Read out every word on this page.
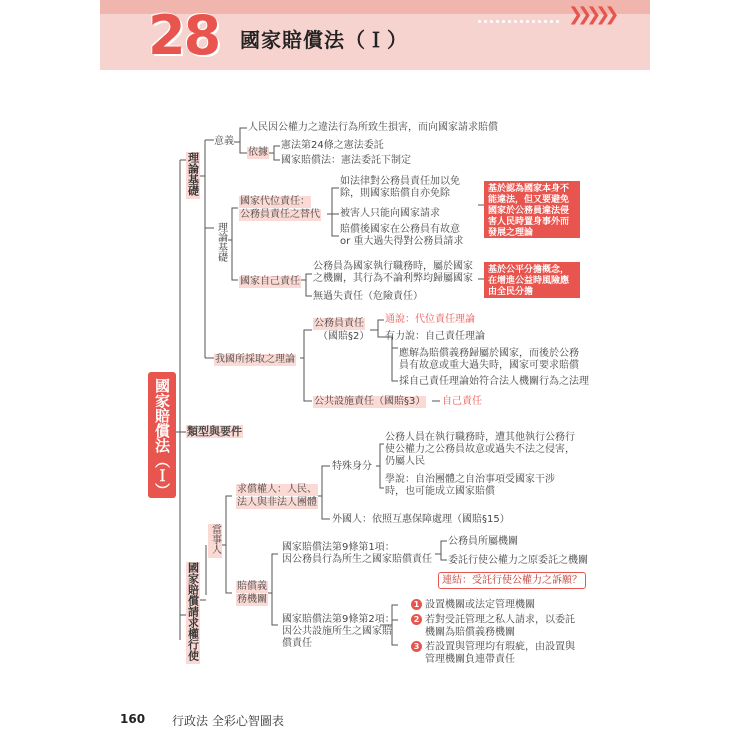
❯❯❯❯❯
28 國家賠償法（Ｉ）
國家賠償法（Ｉ）
理論基礎
意義
人民因公權力之違法行為所致生損害，而向國家請求賠償
依據
憲法第24條之憲法委託
國家賠償法：憲法委託下制定
理論基礎
國家代位責任：
公務員責任之替代
如法律對公務員責任加以免
除，則國家賠償自亦免除
被害人只能向國家請求
賠償後國家在公務員有故意
or 重大過失得對公務員請求
基於認為國家本身不能違法，但又要避免國家於公務員違法侵害人民時置身事外而發展之理論
國家自己責任
公務員為國家執行職務時，屬於國家
之機關，其行為不論利弊均歸屬國家
無過失責任（危險責任）
基於公平分擔概念，在增進公益時風險應由全民分擔
我國所採取之理論
公務員責任
（國賠§2）
通說：代位責任理論
有力說：自己責任理論
應解為賠償義務歸屬於國家，而後於公務
員有故意或重大過失時，國家可要求賠償
採自己責任理論始符合法人機關行為之法理
公共設施責任（國賠§3） 自己責任
類型與要件
國家賠償請求權行使
當事人
求償權人：人民、
法人與非法人團體
特殊身分
公務人員在執行職務時，遭其他執行公務行
使公權力之公務員故意或過失不法之侵害，
仍屬人民
學說：自治團體之自治事項受國家干涉
時，也可能成立國家賠償
外國人：依照互惠保障處理（國賠§15）
賠償義
務機關
國家賠償法第9條第1項：
因公務員行為所生之國家賠償責任
公務員所屬機關
委託行使公權力之原委託之機關
連結：受託行使公權力之訴願？
國家賠償法第9條第2項：
因公共設施所生之國家賠
償責任
1 設置機關或法定管理機關
2 若對受託管理之私人請求，以委託
機關為賠償義務機關
3 若設置與管理均有瑕疵，由設置與
管理機關負連帶責任
160 行政法 全彩心智圖表
